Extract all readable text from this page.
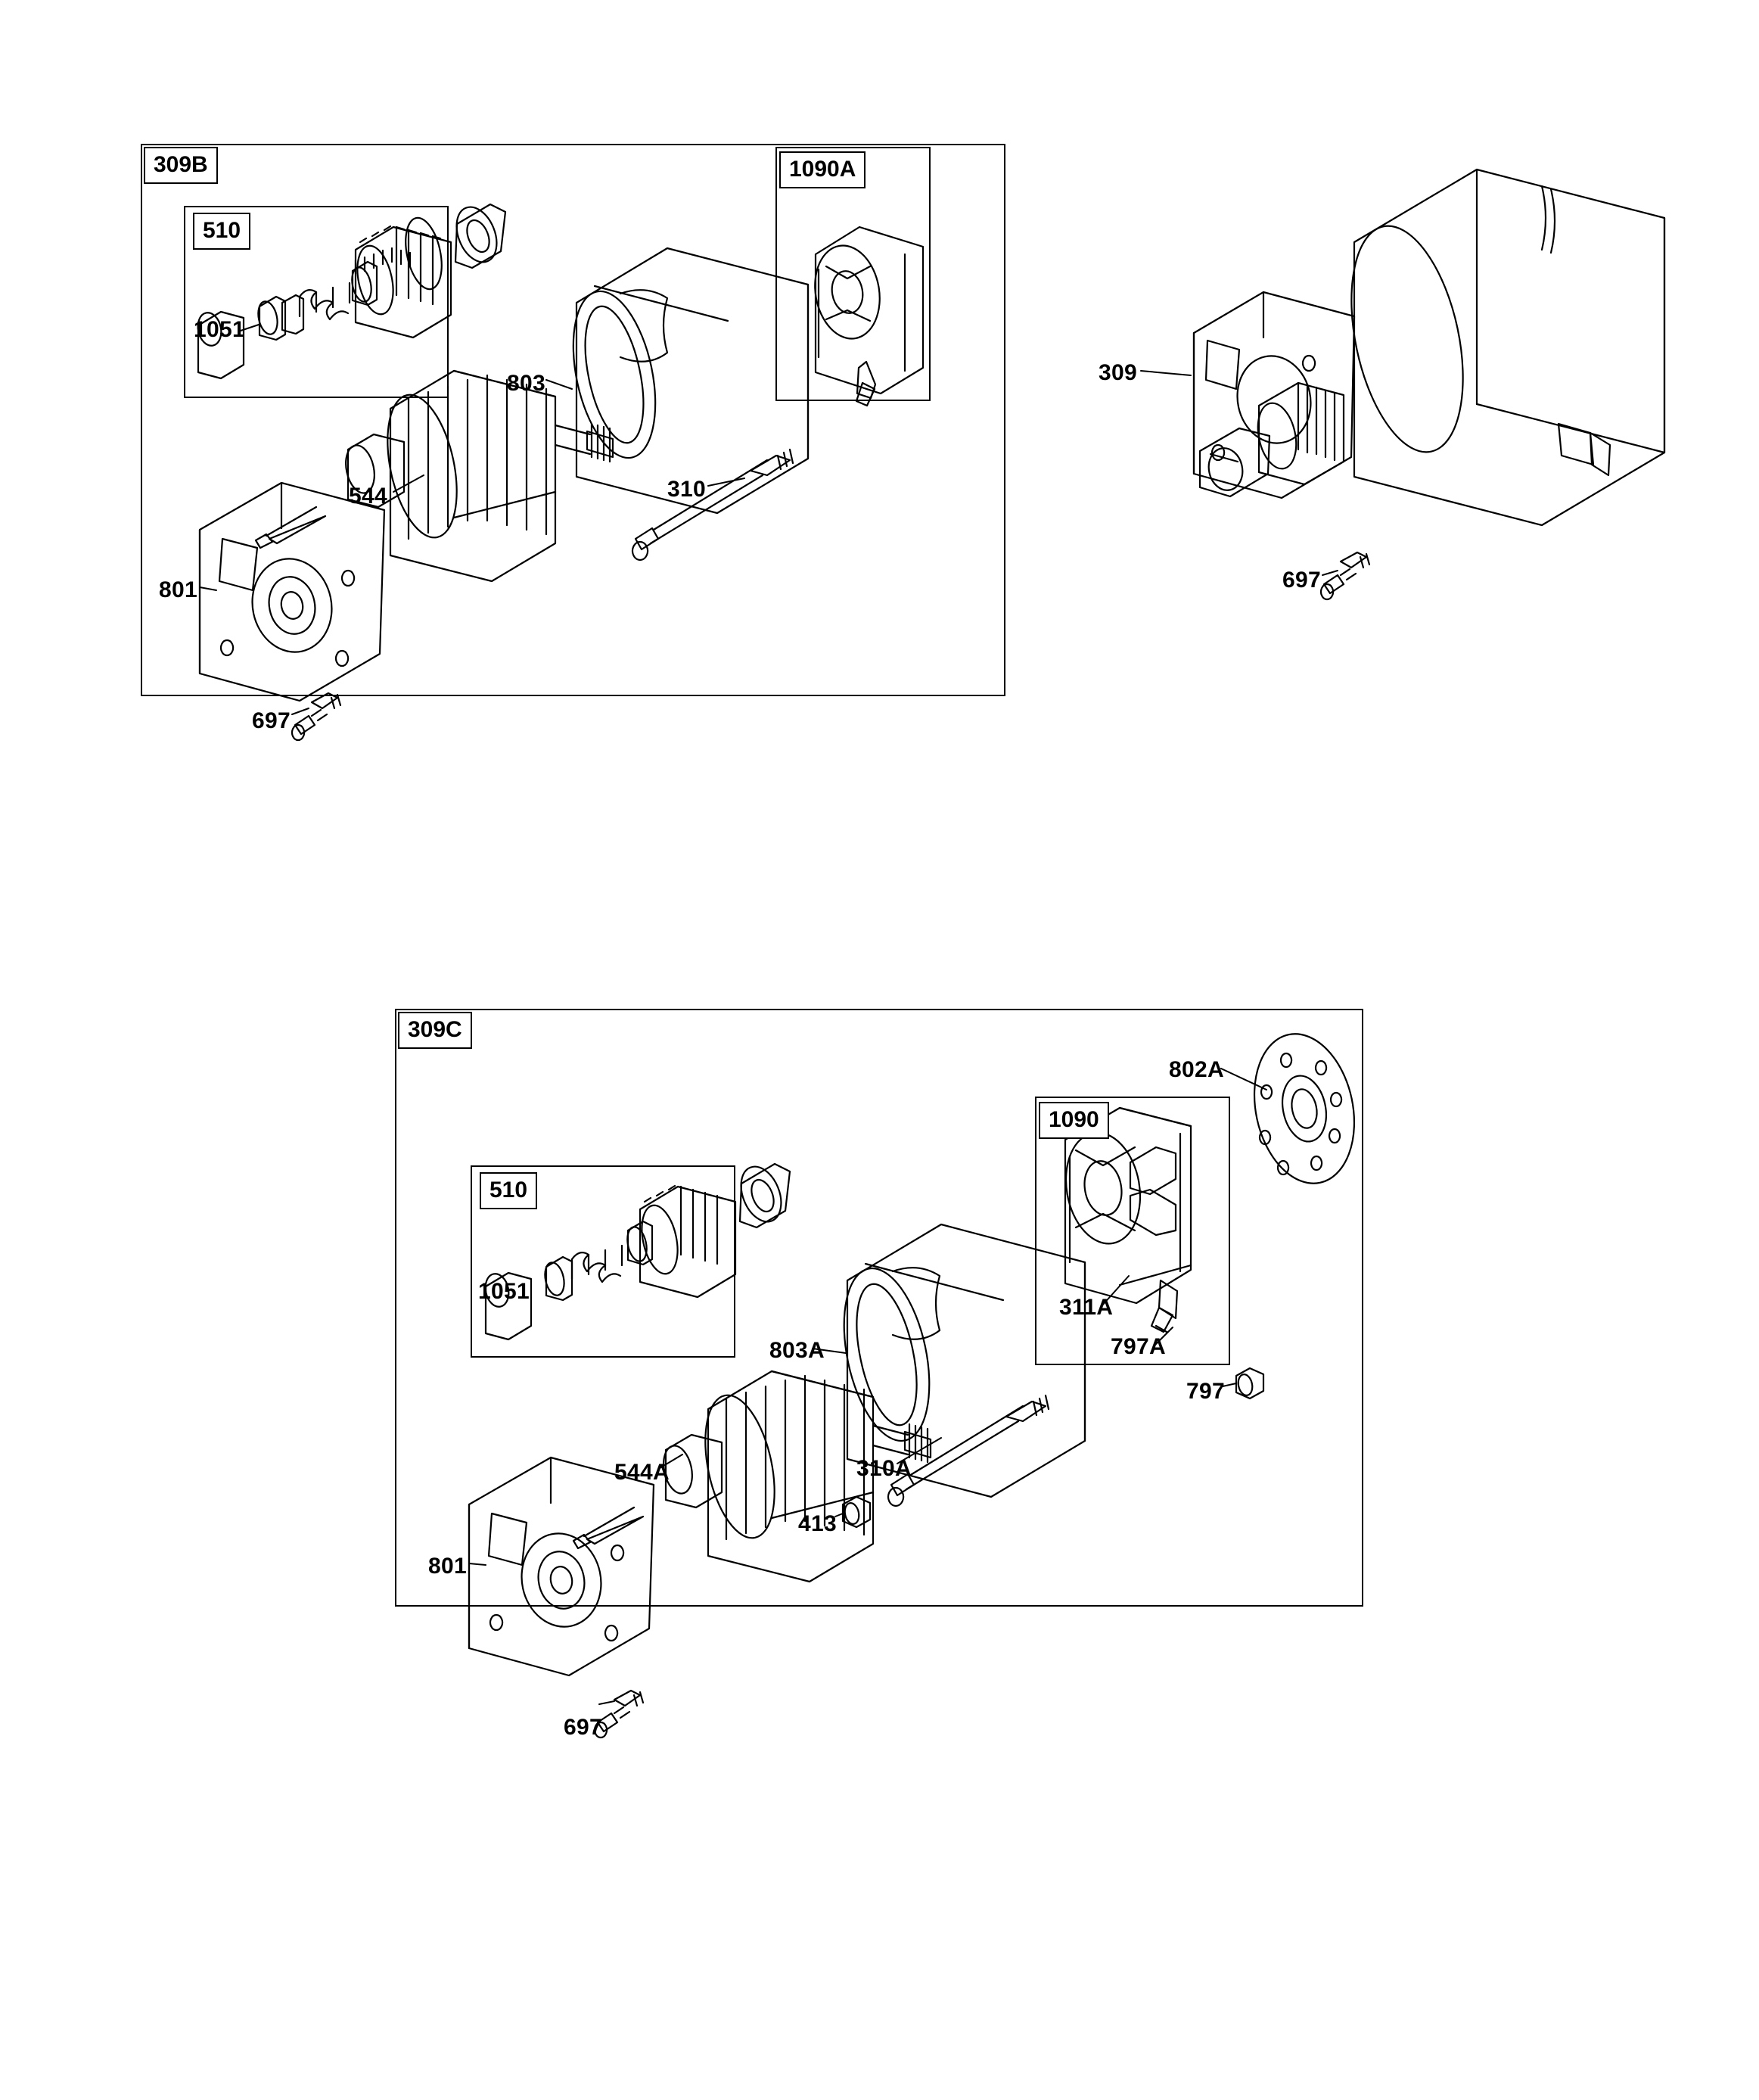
309B
510
1090A
1051
803
544	310
801
697
309
697
309C
802A
1090
510
1051
311A
797A
797
803A
544A	310A
413
801
697
